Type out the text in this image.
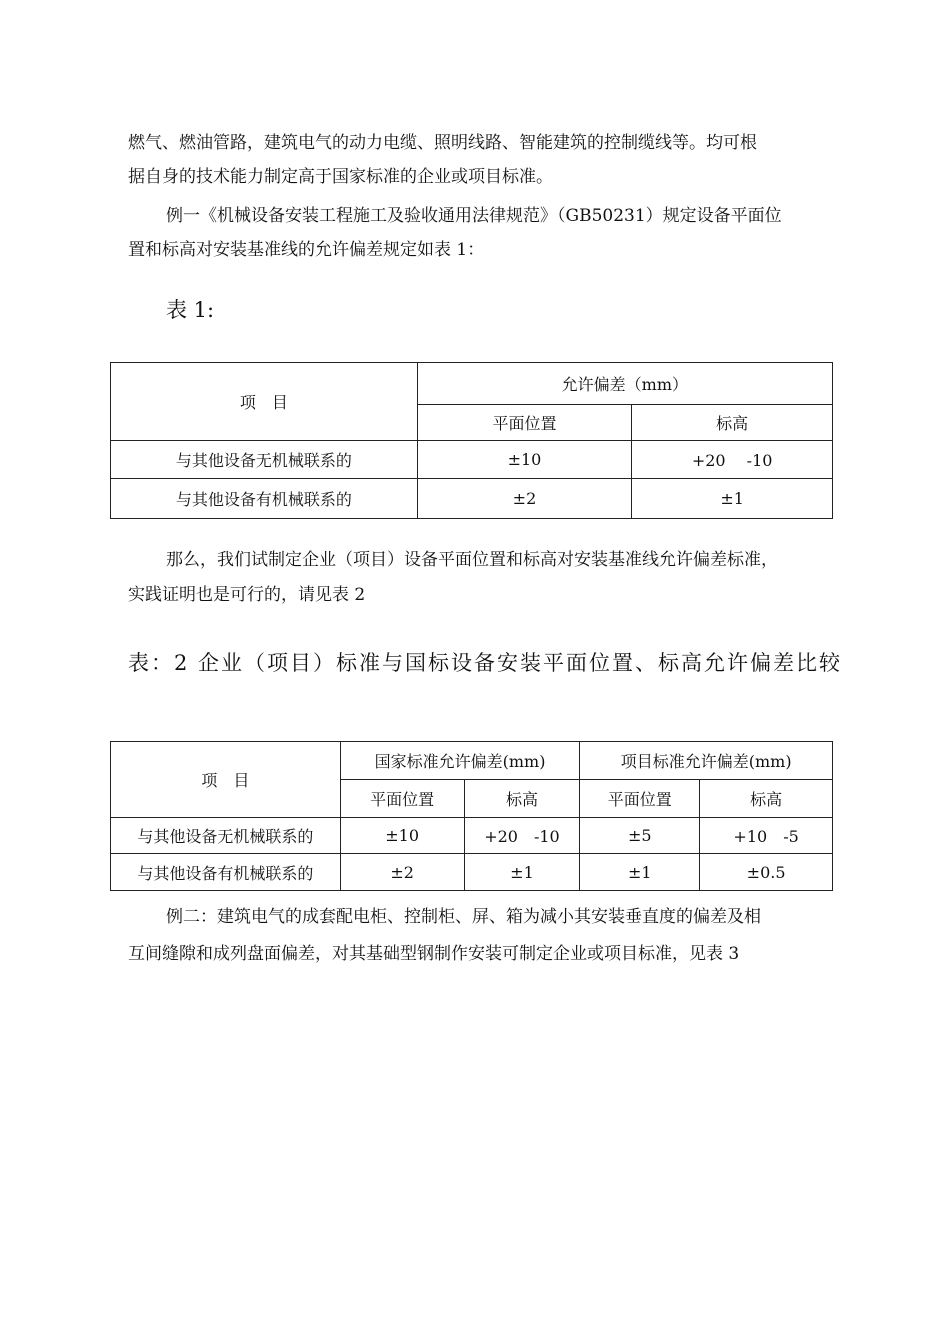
燃气、燃油管路，建筑电气的动力电缆、照明线路、智能建筑的控制缆线等。均可根

据自身的技术能力制定高于国家标准的企业或项目标准。

例一《机械设备安装工程施工及验收通用法律规范》（GB50231）规定设备平面位

置和标高对安装基准线的允许偏差规定如表 1：

表 1:

项　目	允许偏差（mm）	
	平面位置	标高
与其他设备无机械联系的	±10	+20　 -10
与其他设备有机械联系的	±2	±1

那么，我们试制定企业（项目）设备平面位置和标高对安装基准线允许偏差标准，

实践证明也是可行的，请见表 2

表：2 企业（项目）标准与国标设备安装平面位置、标高允许偏差比较

项　目	国家标准允许偏差(mm)		项目标准允许偏差(mm)	
	平面位置	标高	平面位置	标高
与其他设备无机械联系的	±10	+20　-10	±5	+10　-5
与其他设备有机械联系的	±2	±1	±1	±0.5

例二：建筑电气的成套配电柜、控制柜、屏、箱为减小其安装垂直度的偏差及相

互间缝隙和成列盘面偏差，对其基础型钢制作安装可制定企业或项目标准，见表 3
